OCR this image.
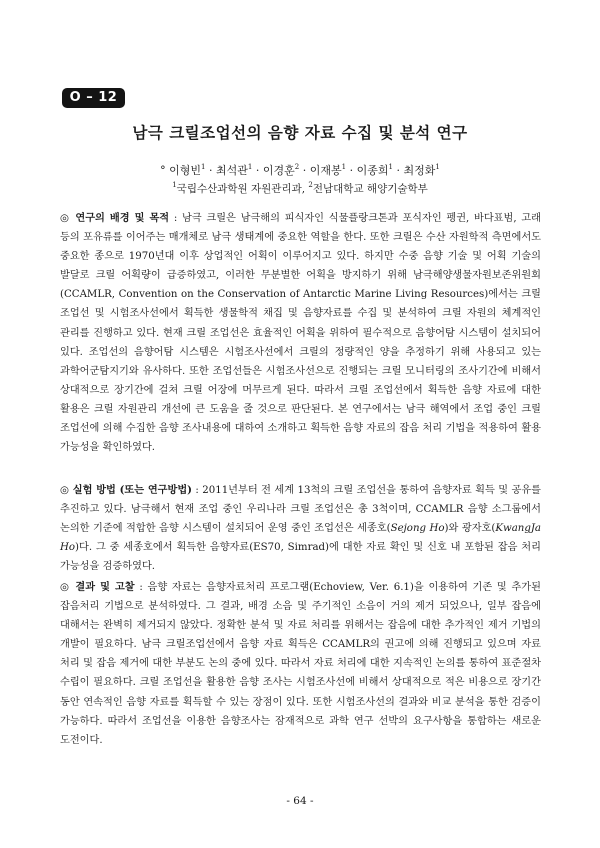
O – 12
남극 크릴조업선의 음향 자료 수집 및 분석 연구
° 이형빈$^1$ · 최석관$^1$ · 이경훈$^2$ · 이재봉$^1$ · 이종희$^1$ · 최정화$^1$
$^1$국립수산과학원 자원관리과, $^2$전남대학교 해양기술학부
◎ 연구의 배경 및 목적 : 남극 크릴은 남극해의 피식자인 식물플랑크톤과 포식자인 펭귄, 바다표범, 고래 등의 포유류를 이어주는 매개체로 남극 생태계에 중요한 역할을 한다. 또한 크릴은 수산 자원학적 측면에서도 중요한 종으로 1970년대 이후 상업적인 어획이 이루어지고 있다. 하지만 수중 음향 기술 및 어획 기술의 발달로 크릴 어획량이 급증하였고, 이러한 무분별한 어획을 방지하기 위해 남극해양생물자원보존위원회(CCAMLR, Convention on the Conservation of Antarctic Marine Living Resources)에서는 크릴 조업선 및 시험조사선에서 획득한 생물학적 채집 및 음향자료를 수집 및 분석하여 크릴 자원의 체계적인 관리를 진행하고 있다. 현재 크릴 조업선은 효율적인 어획을 위하여 필수적으로 음향어탐 시스템이 설치되어 있다. 조업선의 음향어탐 시스템은 시험조사선에서 크릴의 정량적인 양을 추정하기 위해 사용되고 있는 과학어군탐지기와 유사하다. 또한 조업선들은 시험조사선으로 진행되는 크릴 모니터링의 조사기간에 비해서 상대적으로 장기간에 걸쳐 크릴 어장에 머무르게 된다. 따라서 크릴 조업선에서 획득한 음향 자료에 대한 활용은 크릴 자원관리 개선에 큰 도움을 줄 것으로 판단된다. 본 연구에서는 남극 해역에서 조업 중인 크릴 조업선에 의해 수집한 음향 조사내용에 대하여 소개하고 획득한 음향 자료의 잡음 처리 기법을 적용하여 활용 가능성을 확인하였다.
◎ 실험 방법 (또는 연구방법) : 2011년부터 전 세계 13척의 크릴 조업선을 통하여 음향자료 획득 및 공유를 추진하고 있다. 남극해서 현재 조업 중인 우리나라 크릴 조업선은 총 3척이며, CCAMLR 음향 소그룹에서 논의한 기준에 적합한 음향 시스템이 설치되어 운영 중인 조업선은 세종호(Sejong Ho)와 광자호(KwangJa Ho)다. 그 중 세종호에서 획득한 음향자료(ES70, Simrad)에 대한 자료 확인 및 신호 내 포함된 잡음 처리 가능성을 검증하였다.
◎ 결과 및 고찰 : 음향 자료는 음향자료처리 프로그램(Echoview, Ver. 6.1)을 이용하여 기존 및 추가된 잡음처리 기법으로 분석하였다. 그 결과, 배경 소음 및 주기적인 소음이 거의 제거 되었으나, 일부 잡음에 대해서는 완벽히 제거되지 않았다. 정확한 분석 및 자료 처리를 위해서는 잡음에 대한 추가적인 제거 기법의 개발이 필요하다. 남극 크릴조업선에서 음향 자료 획득은 CCAMLR의 권고에 의해 진행되고 있으며 자료 처리 및 잡음 제거에 대한 부분도 논의 중에 있다. 따라서 자료 처리에 대한 지속적인 논의를 통하여 표준절차 수립이 필요하다. 크릴 조업선을 활용한 음향 조사는 시험조사선에 비해서 상대적으로 적은 비용으로 장기간 동안 연속적인 음향 자료를 획득할 수 있는 장점이 있다. 또한 시험조사선의 결과와 비교 분석을 통한 검증이 가능하다. 따라서 조업선을 이용한 음향조사는 잠재적으로 과학 연구 선박의 요구사항을 통합하는 새로운 도전이다.
- 64 -
